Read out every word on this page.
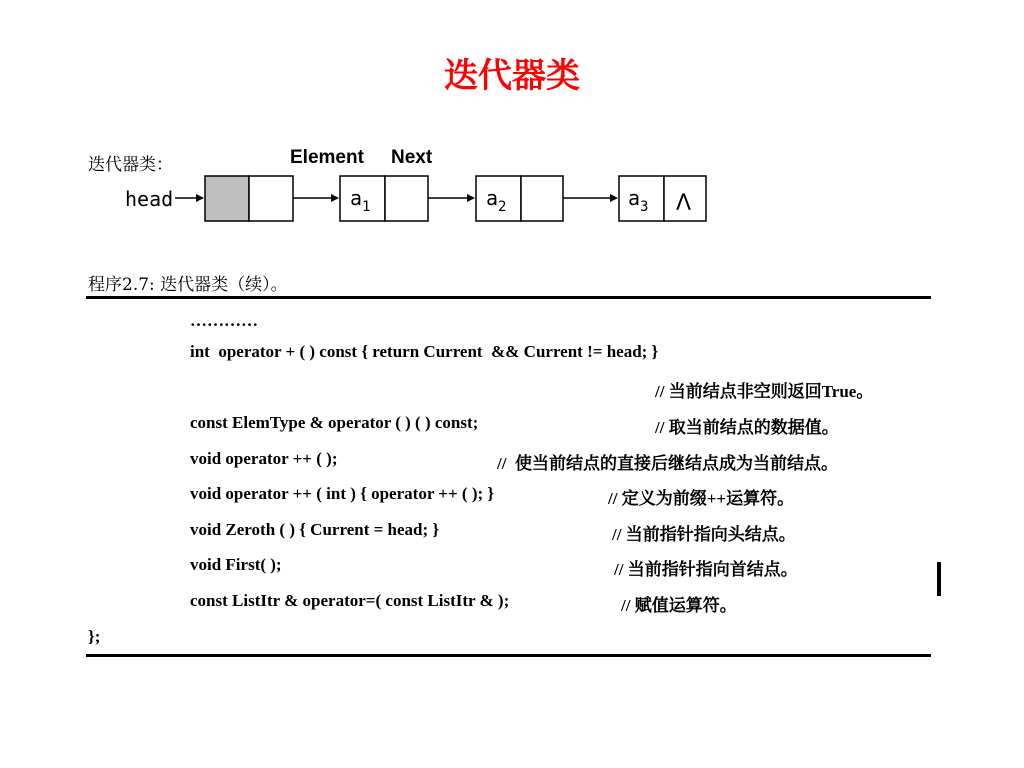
迭代器类
迭代器类：	Element Next
head	$a_1$	$a_2$	$a_3$ Λ
程序2.7: 迭代器类（续）。
…………
int  operator + ( ) const { return Current  && Current != head; }
// 当前结点非空则返回True。
const ElemType & operator ( ) ( ) const;	// 取当前结点的数据值。
void operator ++ ( );	//  使当前结点的直接后继结点成为当前结点。
void operator ++ ( int ) { operator ++ ( ); }	// 定义为前缀++运算符。
void Zeroth ( ) { Current = head; }	// 当前指针指向头结点。
void First( );	// 当前指针指向首结点。
const ListItr & operator=( const ListItr & );	// 赋值运算符。
};
